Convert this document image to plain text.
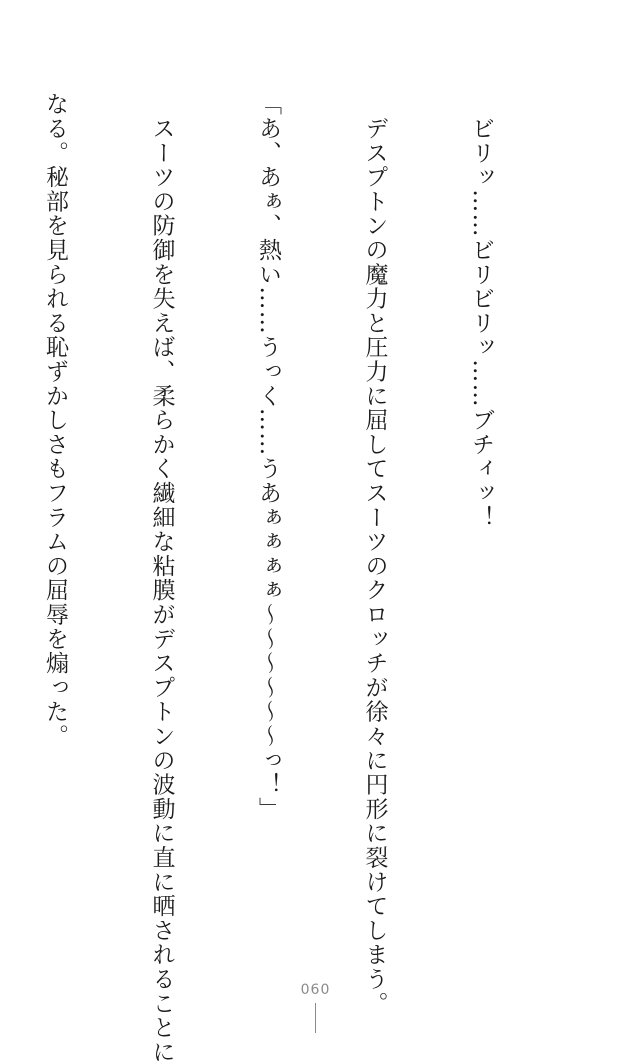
　ビリッ……ビリビリッ……ブチィッ！

　デスプトンの魔力と圧力に屈してスーツのクロッチが徐々に円形に裂けてしまう。

「あ、あぁ、熱い……うっく……うあぁぁぁぁ〜〜〜〜〜〜っ！」

　スーツの防御を失えば、柔らかく繊細な粘膜がデスプトンの波動に直に晒されることに

なる。秘部を見られる恥ずかしさもフラムの屈辱を煽った。

060
